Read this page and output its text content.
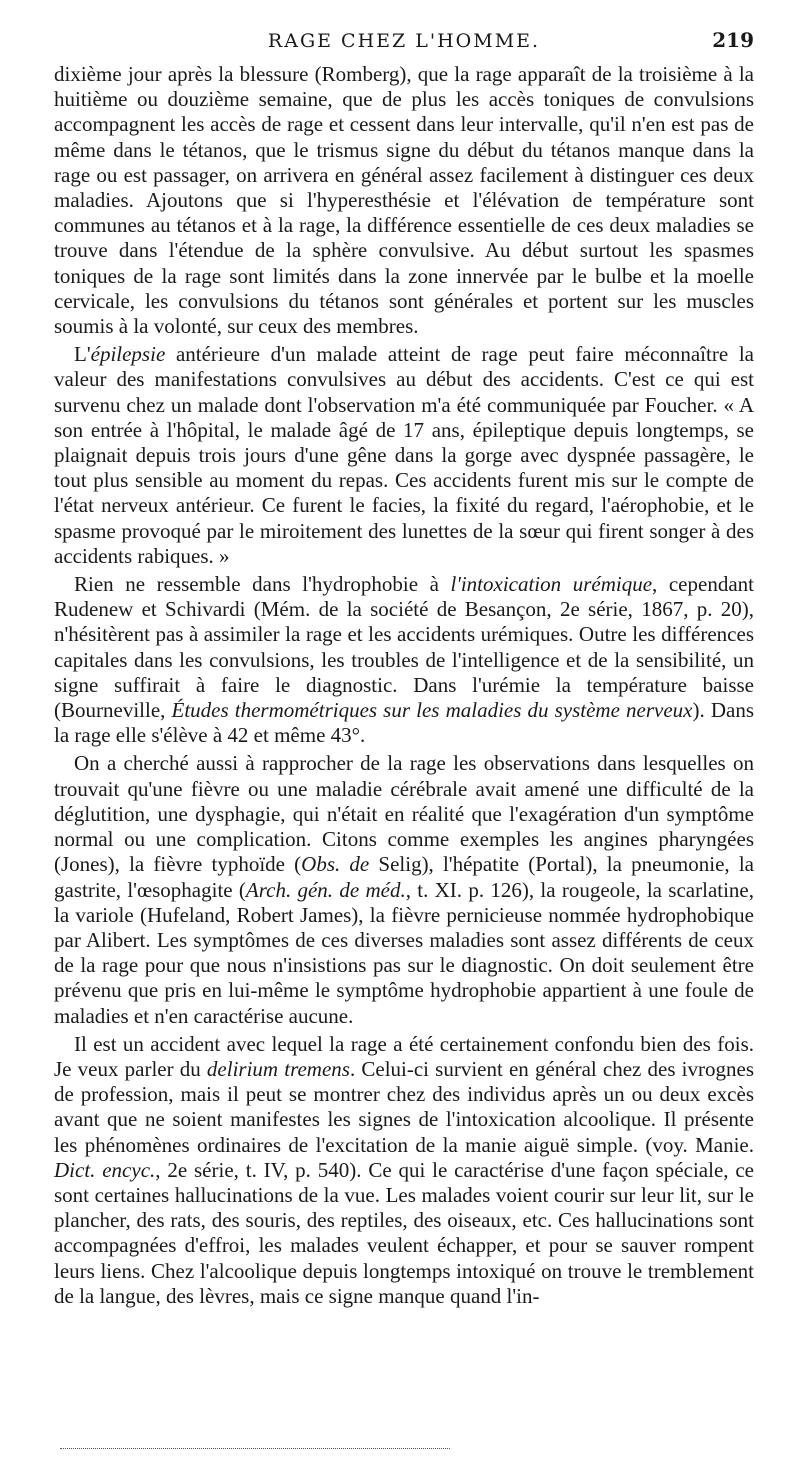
RAGE CHEZ L'HOMME.	219

dixième jour après la blessure (Romberg), que la rage apparaît de la troisième à la huitième ou douzième semaine, que de plus les accès toniques de convulsions accompagnent les accès de rage et cessent dans leur intervalle, qu'il n'en est pas de même dans le tétanos, que le trismus signe du début du tétanos manque dans la rage ou est passager, on arrivera en général assez facilement à distinguer ces deux maladies. Ajoutons que si l'hyperesthésie et l'élévation de température sont communes au tétanos et à la rage, la différence essentielle de ces deux maladies se trouve dans l'étendue de la sphère convulsive. Au début surtout les spasmes toniques de la rage sont limités dans la zone innervée par le bulbe et la moelle cervicale, les convulsions du tétanos sont générales et portent sur les muscles soumis à la volonté, sur ceux des membres.

L'épilepsie antérieure d'un malade atteint de rage peut faire méconnaître la valeur des manifestations convulsives au début des accidents. C'est ce qui est survenu chez un malade dont l'observation m'a été communiquée par Foucher. « A son entrée à l'hôpital, le malade âgé de 17 ans, épileptique depuis longtemps, se plaignait depuis trois jours d'une gêne dans la gorge avec dyspnée passagère, le tout plus sensible au moment du repas. Ces accidents furent mis sur le compte de l'état nerveux antérieur. Ce furent le facies, la fixité du regard, l'aérophobie, et le spasme provoqué par le miroitement des lunettes de la sœur qui firent songer à des accidents rabiques. »

Rien ne ressemble dans l'hydrophobie à l'intoxication urémique, cependant Rudenew et Schivardi (Mém. de la société de Besançon, 2e série, 1867, p. 20), n'hésitèrent pas à assimiler la rage et les accidents urémiques. Outre les différences capitales dans les convulsions, les troubles de l'intelligence et de la sensibilité, un signe suffirait à faire le diagnostic. Dans l'urémie la température baisse (Bourneville, Études thermométriques sur les maladies du système nerveux). Dans la rage elle s'élève à 42 et même 43°.

On a cherché aussi à rapprocher de la rage les observations dans lesquelles on trouvait qu'une fièvre ou une maladie cérébrale avait amené une difficulté de la déglutition, une dysphagie, qui n'était en réalité que l'exagération d'un symptôme normal ou une complication. Citons comme exemples les angines pharyngées (Jones), la fièvre typhoïde (Obs. de Selig), l'hépatite (Portal), la pneumonie, la gastrite, l'œsophagite (Arch. gén. de méd., t. XI. p. 126), la rougeole, la scarlatine, la variole (Hufeland, Robert James), la fièvre pernicieuse nommée hydrophobique par Alibert. Les symptômes de ces diverses maladies sont assez différents de ceux de la rage pour que nous n'insistions pas sur le diagnostic. On doit seulement être prévenu que pris en lui-même le symptôme hydrophobie appartient à une foule de maladies et n'en caractérise aucune.

Il est un accident avec lequel la rage a été certainement confondu bien des fois. Je veux parler du delirium tremens. Celui-ci survient en général chez des ivrognes de profession, mais il peut se montrer chez des individus après un ou deux excès avant que ne soient manifestes les signes de l'intoxication alcoolique. Il présente les phénomènes ordinaires de l'excitation de la manie aiguë simple. (voy. Manie. Dict. encyc., 2e série, t. IV, p. 540). Ce qui le caractérise d'une façon spéciale, ce sont certaines hallucinations de la vue. Les malades voient courir sur leur lit, sur le plancher, des rats, des souris, des reptiles, des oiseaux, etc. Ces hallucinations sont accompagnées d'effroi, les malades veulent échapper, et pour se sauver rompent leurs liens. Chez l'alcoolique depuis longtemps intoxiqué on trouve le tremblement de la langue, des lèvres, mais ce signe manque quand l'in-
